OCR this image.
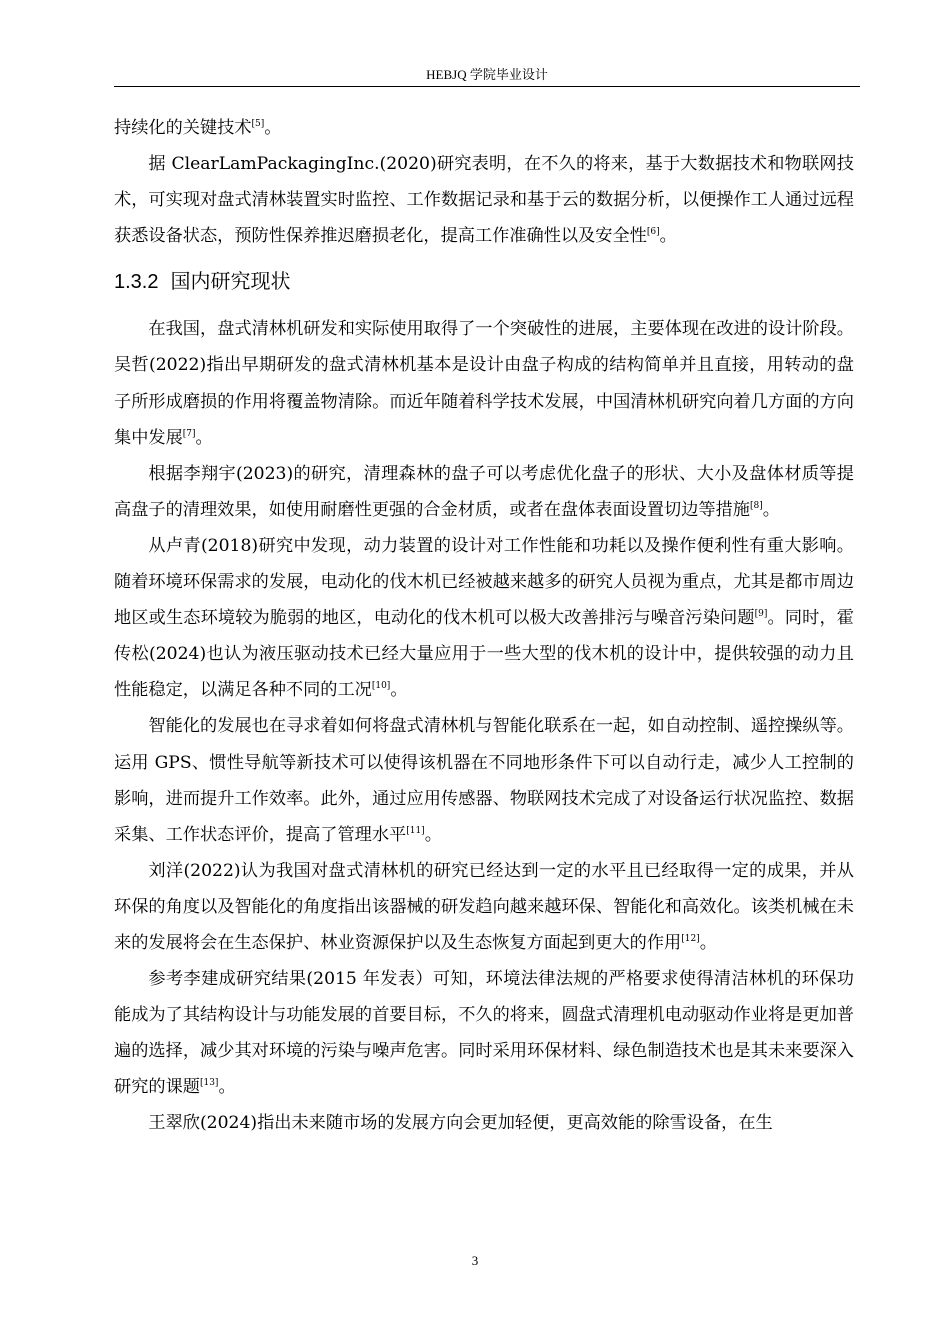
HEBJQ 学院毕业设计

持续化的关键技术[5]。

据 ClearLamPackagingInc.(2020)研究表明，在不久的将来，基于大数据技术和物联网技术，可实现对盘式清林装置实时监控、工作数据记录和基于云的数据分析，以便操作工人通过远程获悉设备状态，预防性保养推迟磨损老化，提高工作准确性以及安全性[6]。

1.3.2 国内研究现状

在我国，盘式清林机研发和实际使用取得了一个突破性的进展，主要体现在改进的设计阶段。吴哲(2022)指出早期研发的盘式清林机基本是设计由盘子构成的结构简单并且直接，用转动的盘子所形成磨损的作用将覆盖物清除。而近年随着科学技术发展，中国清林机研究向着几方面的方向集中发展[7]。

根据李翔宇(2023)的研究，清理森林的盘子可以考虑优化盘子的形状、大小及盘体材质等提高盘子的清理效果，如使用耐磨性更强的合金材质，或者在盘体表面设置切边等措施[8]。

从卢青(2018)研究中发现，动力装置的设计对工作性能和功耗以及操作便利性有重大影响。随着环境环保需求的发展，电动化的伐木机已经被越来越多的研究人员视为重点，尤其是都市周边地区或生态环境较为脆弱的地区，电动化的伐木机可以极大改善排污与噪音污染问题[9]。同时，霍传松(2024)也认为液压驱动技术已经大量应用于一些大型的伐木机的设计中，提供较强的动力且性能稳定，以满足各种不同的工况[10]。

智能化的发展也在寻求着如何将盘式清林机与智能化联系在一起，如自动控制、遥控操纵等。运用 GPS、惯性导航等新技术可以使得该机器在不同地形条件下可以自动行走，减少人工控制的影响，进而提升工作效率。此外，通过应用传感器、物联网技术完成了对设备运行状况监控、数据采集、工作状态评价，提高了管理水平[11]。

刘洋(2022)认为我国对盘式清林机的研究已经达到一定的水平且已经取得一定的成果，并从环保的角度以及智能化的角度指出该器械的研发趋向越来越环保、智能化和高效化。该类机械在未来的发展将会在生态保护、林业资源保护以及生态恢复方面起到更大的作用[12]。

参考李建成研究结果(2015 年发表）可知，环境法律法规的严格要求使得清洁林机的环保功能成为了其结构设计与功能发展的首要目标，不久的将来，圆盘式清理机电动驱动作业将是更加普遍的选择，减少其对环境的污染与噪声危害。同时采用环保材料、绿色制造技术也是其未来要深入研究的课题[13]。

王翠欣(2024)指出未来随市场的发展方向会更加轻便，更高效能的除雪设备，在生

3
